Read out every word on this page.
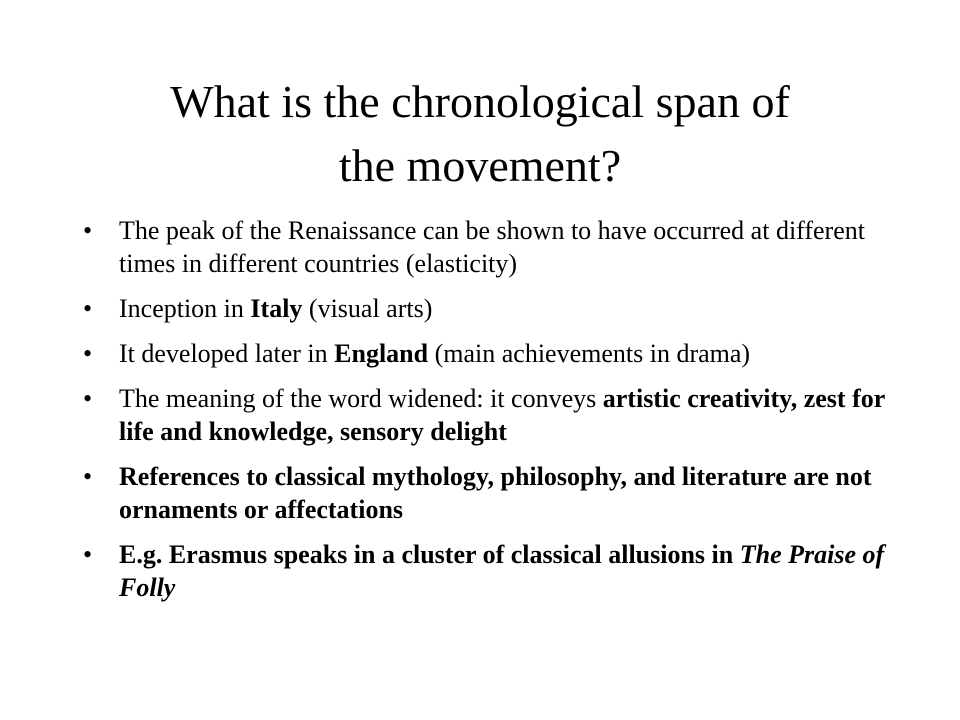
What is the chronological span of
the movement?
• The peak of the Renaissance can be shown to have occurred at different times in different countries (elasticity)
• Inception in Italy (visual arts)
• It developed later in England (main achievements in drama)
• The meaning of the word widened: it conveys artistic creativity, zest for life and knowledge, sensory delight
• References to classical mythology, philosophy, and literature are not ornaments or affectations
• E.g. Erasmus speaks in a cluster of classical allusions in The Praise of Folly
